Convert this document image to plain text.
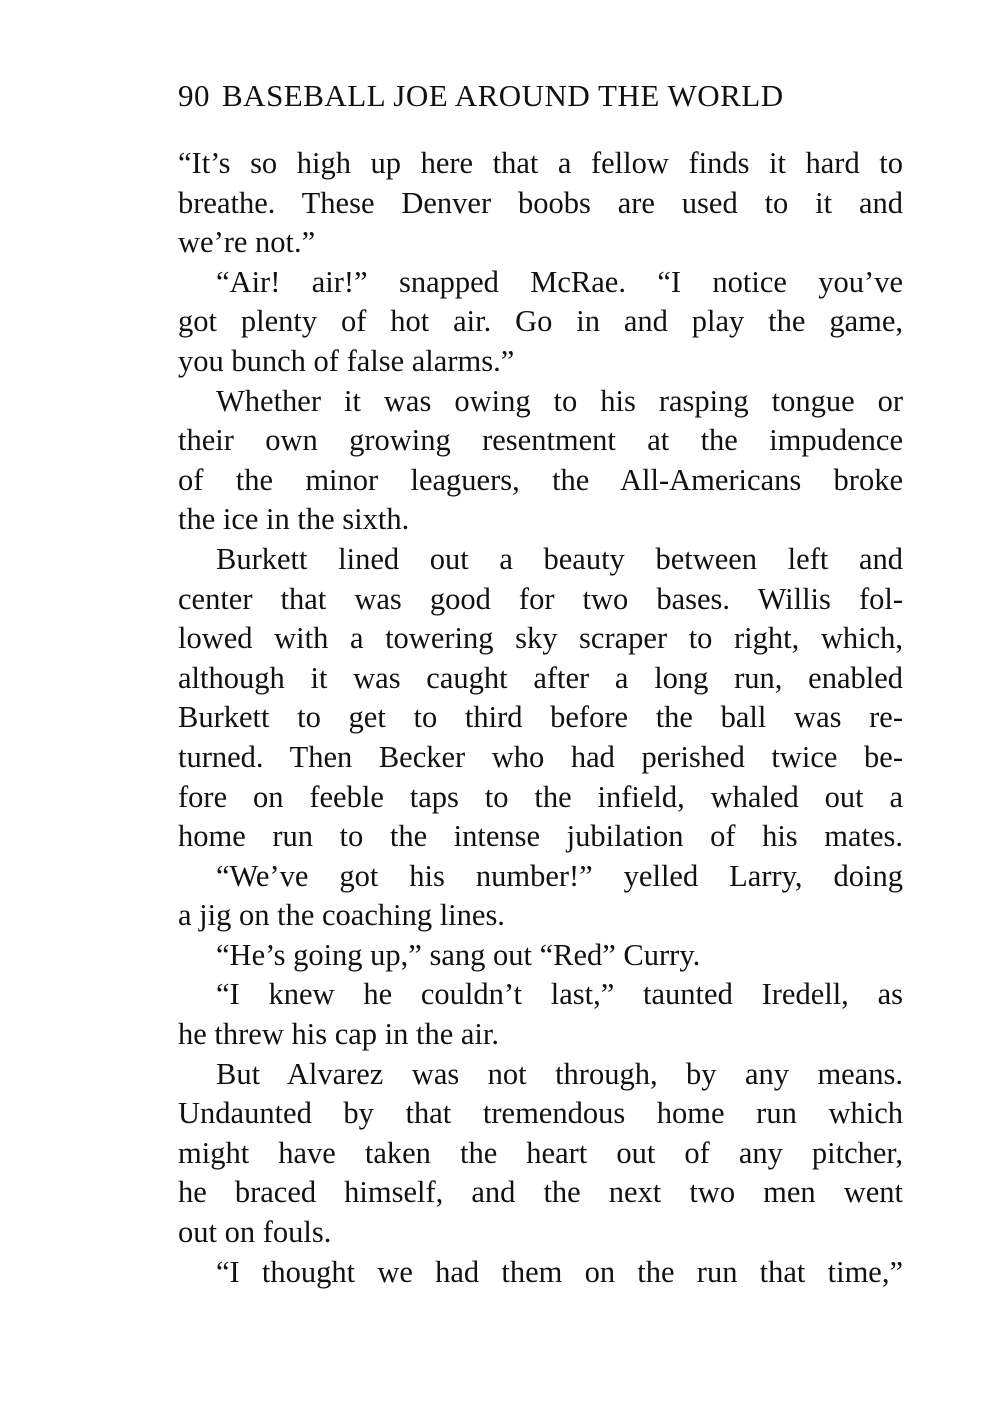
90 BASEBALL JOE AROUND THE WORLD
“It’s so high up here that a fellow finds it hard to
breathe. These Denver boobs are used to it and
we’re not.”
“Air! air!” snapped McRae. “I notice you’ve
got plenty of hot air. Go in and play the game,
you bunch of false alarms.”
Whether it was owing to his rasping tongue or
their own growing resentment at the impudence
of the minor leaguers, the All-Americans broke
the ice in the sixth.
Burkett lined out a beauty between left and
center that was good for two bases. Willis fol-
lowed with a towering sky scraper to right, which,
although it was caught after a long run, enabled
Burkett to get to third before the ball was re-
turned. Then Becker who had perished twice be-
fore on feeble taps to the infield, whaled out a
home run to the intense jubilation of his mates.
“We’ve got his number!” yelled Larry, doing
a jig on the coaching lines.
“He’s going up,” sang out “Red” Curry.
“I knew he couldn’t last,” taunted Iredell, as
he threw his cap in the air.
But Alvarez was not through, by any means.
Undaunted by that tremendous home run which
might have taken the heart out of any pitcher,
he braced himself, and the next two men went
out on fouls.
“I thought we had them on the run that time,”
